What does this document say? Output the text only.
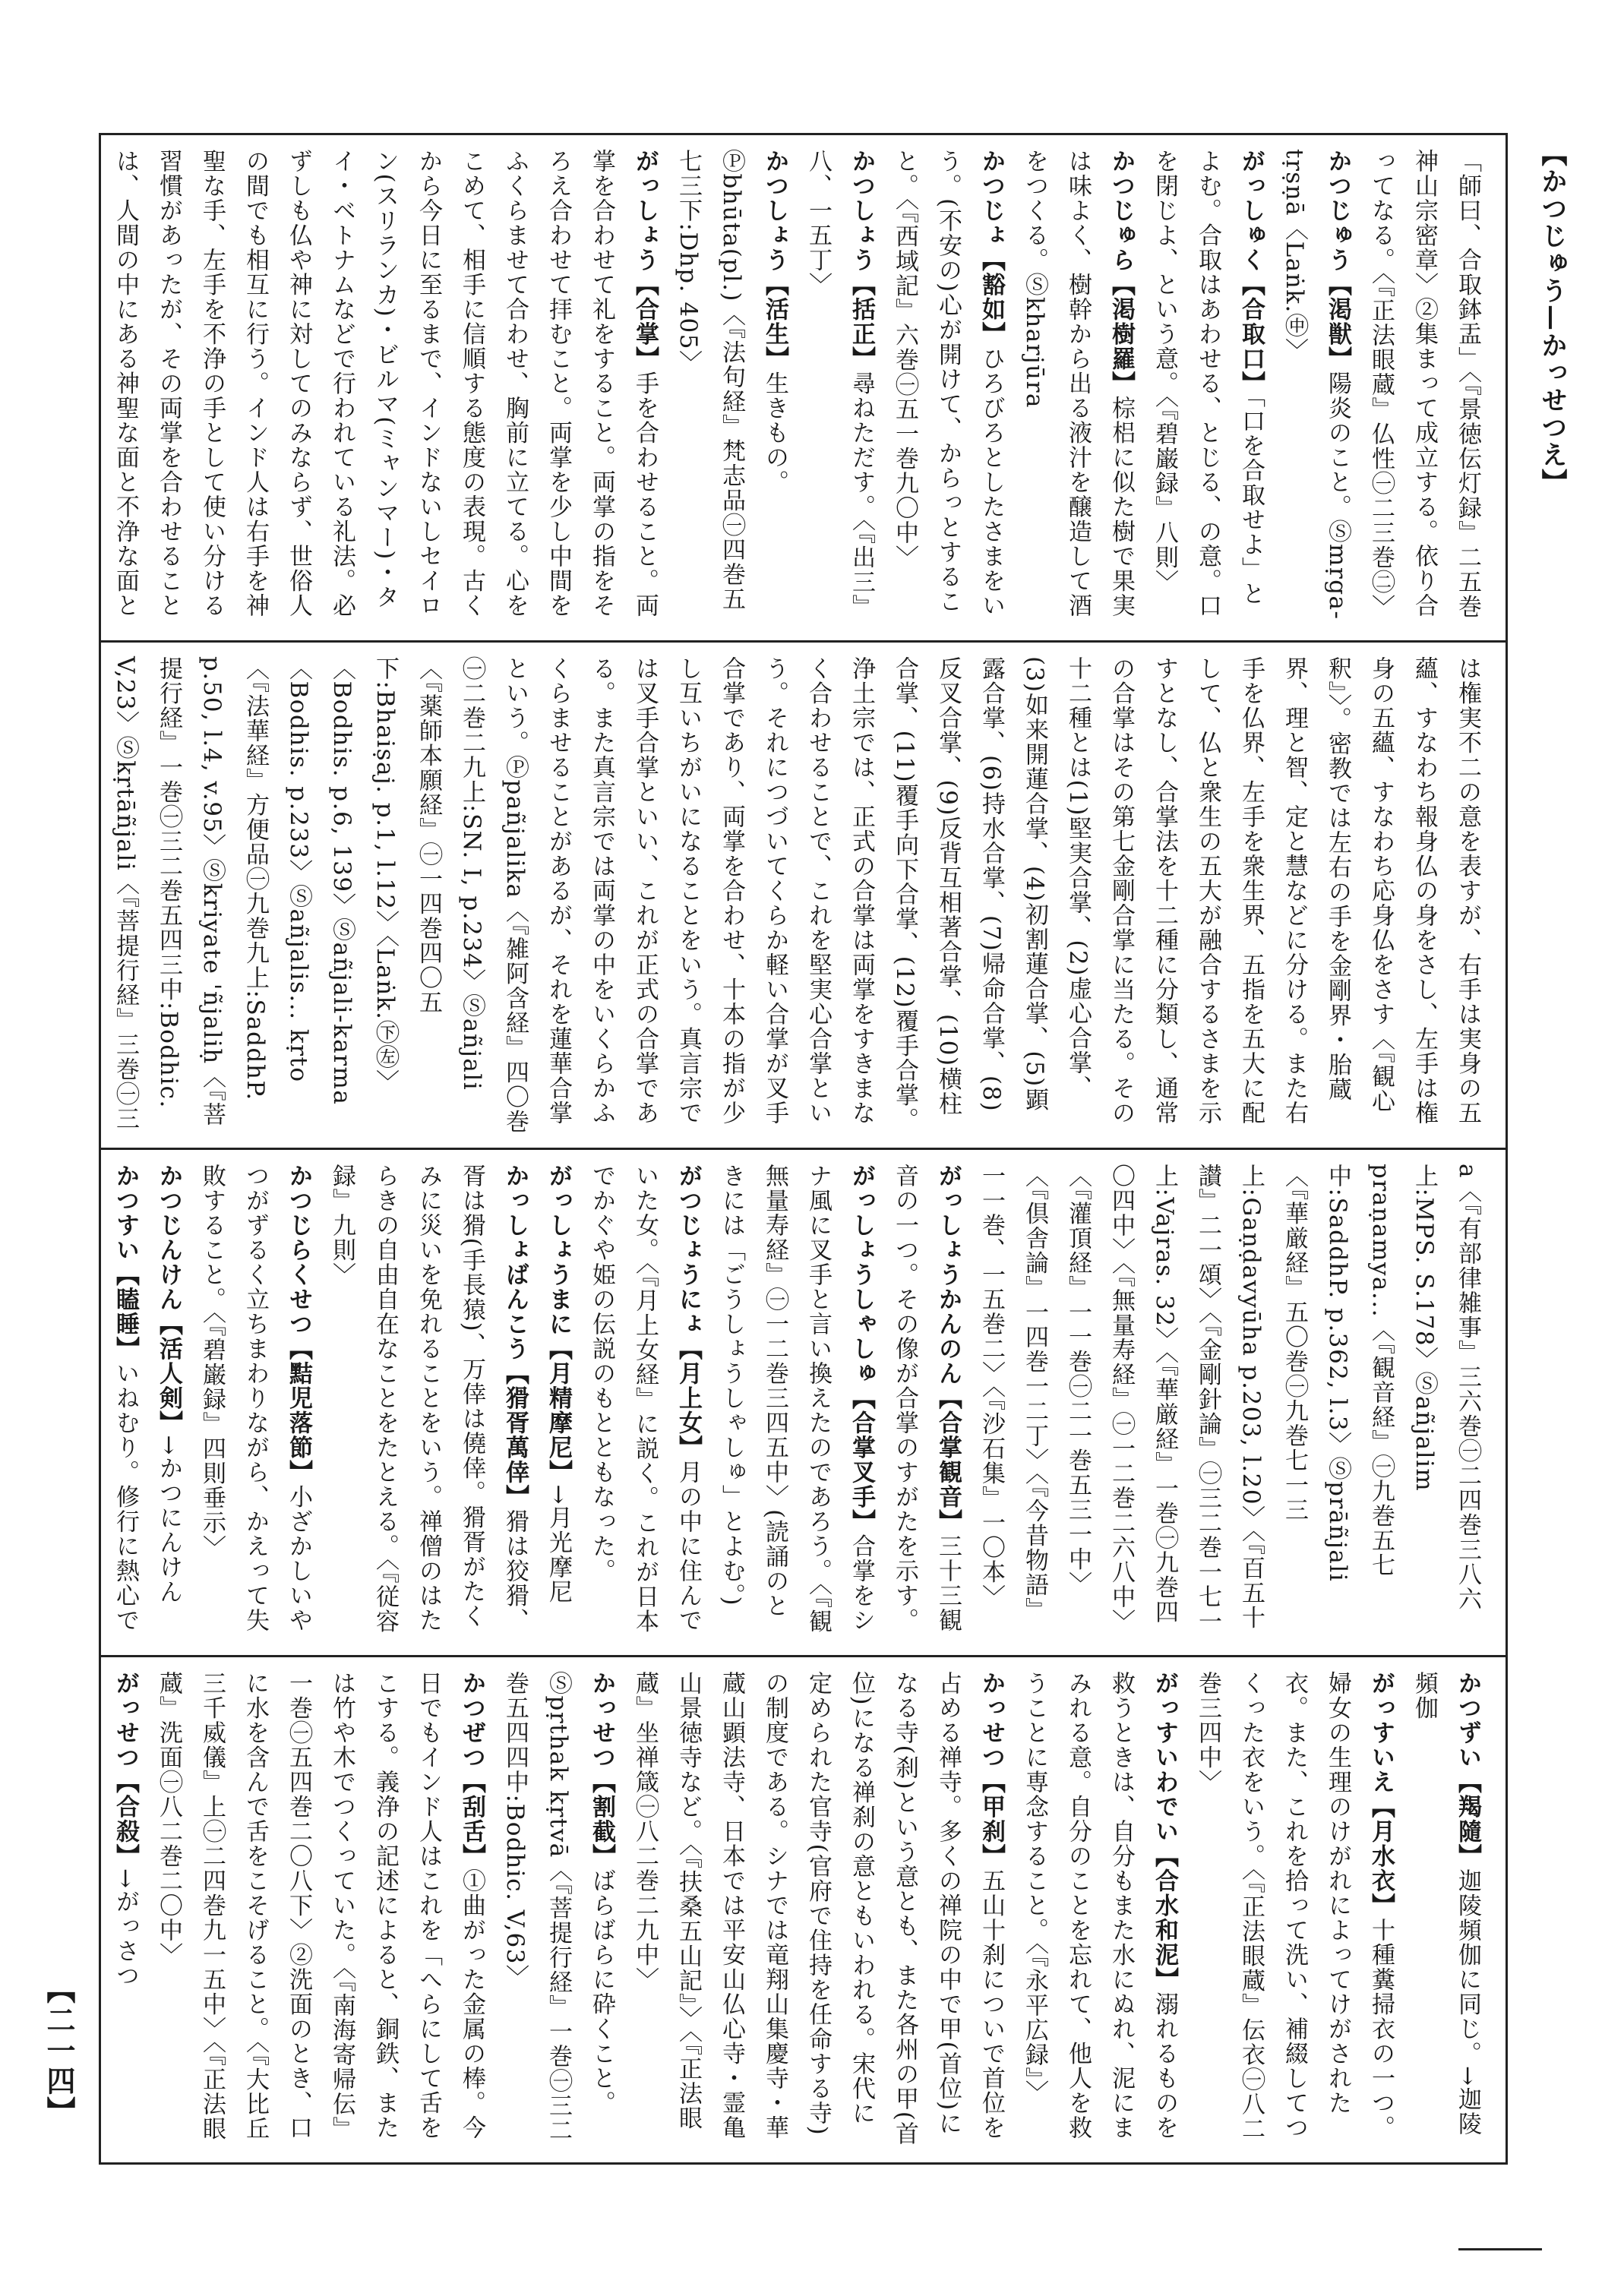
【かつじゅう—かっせつえ】
【二一四】

「師曰、合取鉢盂」〈『景徳伝灯録』二五巻神山宗密章〉②集まって成立する。依り合ってなる。〈『正法眼蔵』仏性㊀二三巻㊁〉

かつじゅう【渇獣】陽炎のこと。Ⓢmṛga-tṛṣṇā〈Laṅk.㊥〉

がっしゅく【合取口】「口を合取せよ」とよむ。合取はあわせる、とじる、の意。口を閉じよ、という意。〈『碧巌録』八則〉

かつじゅら【渇樹羅】棕梠に似た樹で果実は味よく、樹幹から出る液汁を醸造して酒をつくる。Ⓢkharjūra

かつじょ【豁如】ひろびろとしたさまをいう。(不安の)心が開けて、からっとすること。〈『西域記』六巻㊀五一巻九〇中〉

かつしょう【括正】尋ねただす。〈『出三』八、一五丁〉

かつしょう【活生】生きもの。Ⓟbhūta(pl.)〈『法句経』梵志品㊀四巻五七三下:Dhp. 405〉

がっしょう【合掌】手を合わせること。両掌を合わせて礼をすること。両掌の指をそろえ合わせて拝むこと。両掌を少し中間をふくらませて合わせ、胸前に立てる。心をこめて、相手に信順する態度の表現。古くから今日に至るまで、インドないしセイロン(スリランカ)・ビルマ(ミャンマー)・タイ・ベトナムなどで行われている礼法。必ずしも仏や神に対してのみならず、世俗人の間でも相互に行う。インド人は右手を神聖な手、左手を不浄の手として使い分ける習慣があったが、その両掌を合わせることは、人間の中にある神聖な面と不浄な面と

は権実不二の意を表すが、右手は実身の五蘊、すなわち報身仏の身をさし、左手は権身の五蘊、すなわち応身仏をさす〈『観心釈』〉。密教では左右の手を金剛界・胎蔵界、理と智、定と慧などに分ける。また右手を仏界、左手を衆生界、五指を五大に配して、仏と衆生の五大が融合するさまを示すとなし、合掌法を十二種に分類し、通常の合掌はその第七金剛合掌に当たる。その十二種とは(1)堅実合掌、(2)虚心合掌、(3)如来開蓮合掌、(4)初割蓮合掌、(5)顕露合掌、(6)持水合掌、(7)帰命合掌、(8)反叉合掌、(9)反背互相著合掌、(10)横柱合掌、(11)覆手向下合掌、(12)覆手合掌。浄土宗では、正式の合掌は両掌をすきまなく合わせることで、これを堅実心合掌という。それにつづいてくらか軽い合掌が叉手合掌であり、両掌を合わせ、十本の指が少し互いちがいになることをいう。真言宗では叉手合掌といい、これが正式の合掌である。また真言宗では両掌の中をいくらかふくらませることがあるが、それを蓮華合掌という。Ⓟpañjalika〈『雑阿含経』四〇巻㊀二巻二九上:SN. I, p.234〉Ⓢañjali〈『薬師本願経』㊀一四巻四〇五下:Bhaiṣaj. p.1, l.12〉〈Laṅk.㊦㊧〉〈Bodhis. p.6, 139〉Ⓢañjali-karma〈Bodhis. p.233〉Ⓢañjalis... kṛto〈『法華経』方便品㊀九巻九上:SaddhP. p.50, l.4, v.95〉Ⓢkriyate 'ñjaliḥ〈『菩提行経』一巻㊀三二巻五四三中:Bodhic. V,23〉Ⓢkṛtāñjali〈『菩提行経』三巻㊀三

a〈『有部律雑事』三六巻㊀二四巻三八六上:MPS. S.178〉Ⓢañjalim praṇamya...〈『観音経』㊀九巻五七中:SaddhP. p.362, l.3〉Ⓢprāñjali〈『華厳経』五〇巻㊀九巻七一三上:Gaṇḍavyūha p.203, l.20〉〈『百五十讃』二一頌〉〈『金剛針論』㊀三二巻一七一上:Vajras. 32〉〈『華厳経』一巻㊀九巻四〇四中〉〈『無量寿経』㊀一二巻二六八中〉〈『灌頂経』一一巻㊀二一巻五三一中〉〈『倶舎論』一四巻一二丁〉〈『今昔物語』一一巻、一五巻二〉〈『沙石集』一〇本〉

がっしょうかんのん【合掌観音】三十三観音の一つ。その像が合掌のすがたを示す。

がっしょうしゃしゅ【合掌叉手】合掌をシナ風に叉手と言い換えたのであろう。〈『観無量寿経』㊀一二巻三四五中〉(読誦のときには「ごうしょうしゃしゅ」とよむ。)

がつじょうにょ【月上女】月の中に住んでいた女。〈『月上女経』に説く。これが日本でかぐや姫の伝説のもとともなった。

がっしょうまに【月精摩尼】→月光摩尼

かっしょばんこう【猾胥萬倖】猾は狡猾、胥は猾(手長猿)、万倖は僥倖。猾胥がたくみに災いを免れることをいう。禅僧のはたらきの自由自在なことをたとえる。〈『従容録』九則〉

かつじらくせつ【黠児落節】小ざかしいやつがずるく立ちまわりながら、かえって失敗すること。〈『碧巌録』四則垂示〉

かつじんけん【活人剣】→かつにんけん

かつすい【瞌睡】いねむり。修行に熱心で

かつずい【羯隨】迦陵頻伽に同じ。→迦陵頻伽

がっすいえ【月水衣】十種糞掃衣の一つ。婦女の生理のけがれによってけがされた衣。また、これを拾って洗い、補綴してつくった衣をいう。〈『正法眼蔵』伝衣㊀八二巻三四中〉

がっすいわでい【合水和泥】溺れるものを救うときは、自分もまた水にぬれ、泥にまみれる意。自分のことを忘れて、他人を救うことに専念すること。〈『永平広録』〉

かっせつ【甲刹】五山十刹についで首位を占める禅寺。多くの禅院の中で甲(首位)になる寺(刹)という意とも、また各州の甲(首位)になる禅刹の意ともいわれる。宋代に定められた官寺(官府で住持を任命する寺)の制度である。シナでは竜翔山集慶寺・華蔵山顕法寺、日本では平安山仏心寺・霊亀山景徳寺など。〈『扶桑五山記』〉〈『正法眼蔵』坐禅箴㊀八二巻二九中〉

かっせつ【割截】ばらばらに砕くこと。Ⓢpṛthak kṛtvā〈『菩提行経』一巻㊀三二巻五四四中:Bodhic. V,63〉

かつぜつ【刮舌】①曲がった金属の棒。今日でもインド人はこれを「へらにして舌をこする。義浄の記述によると、銅鉄、または竹や木でつくっていた。〈『南海寄帰伝』一巻㊀五四巻二〇八下〉②洗面のとき、口に水を含んで舌をこそげること。〈『大比丘三千威儀』上㊀二四巻九一五中〉〈『正法眼蔵』洗面㊀八二巻二〇中〉

がっせつ【合殺】→がっさつ
